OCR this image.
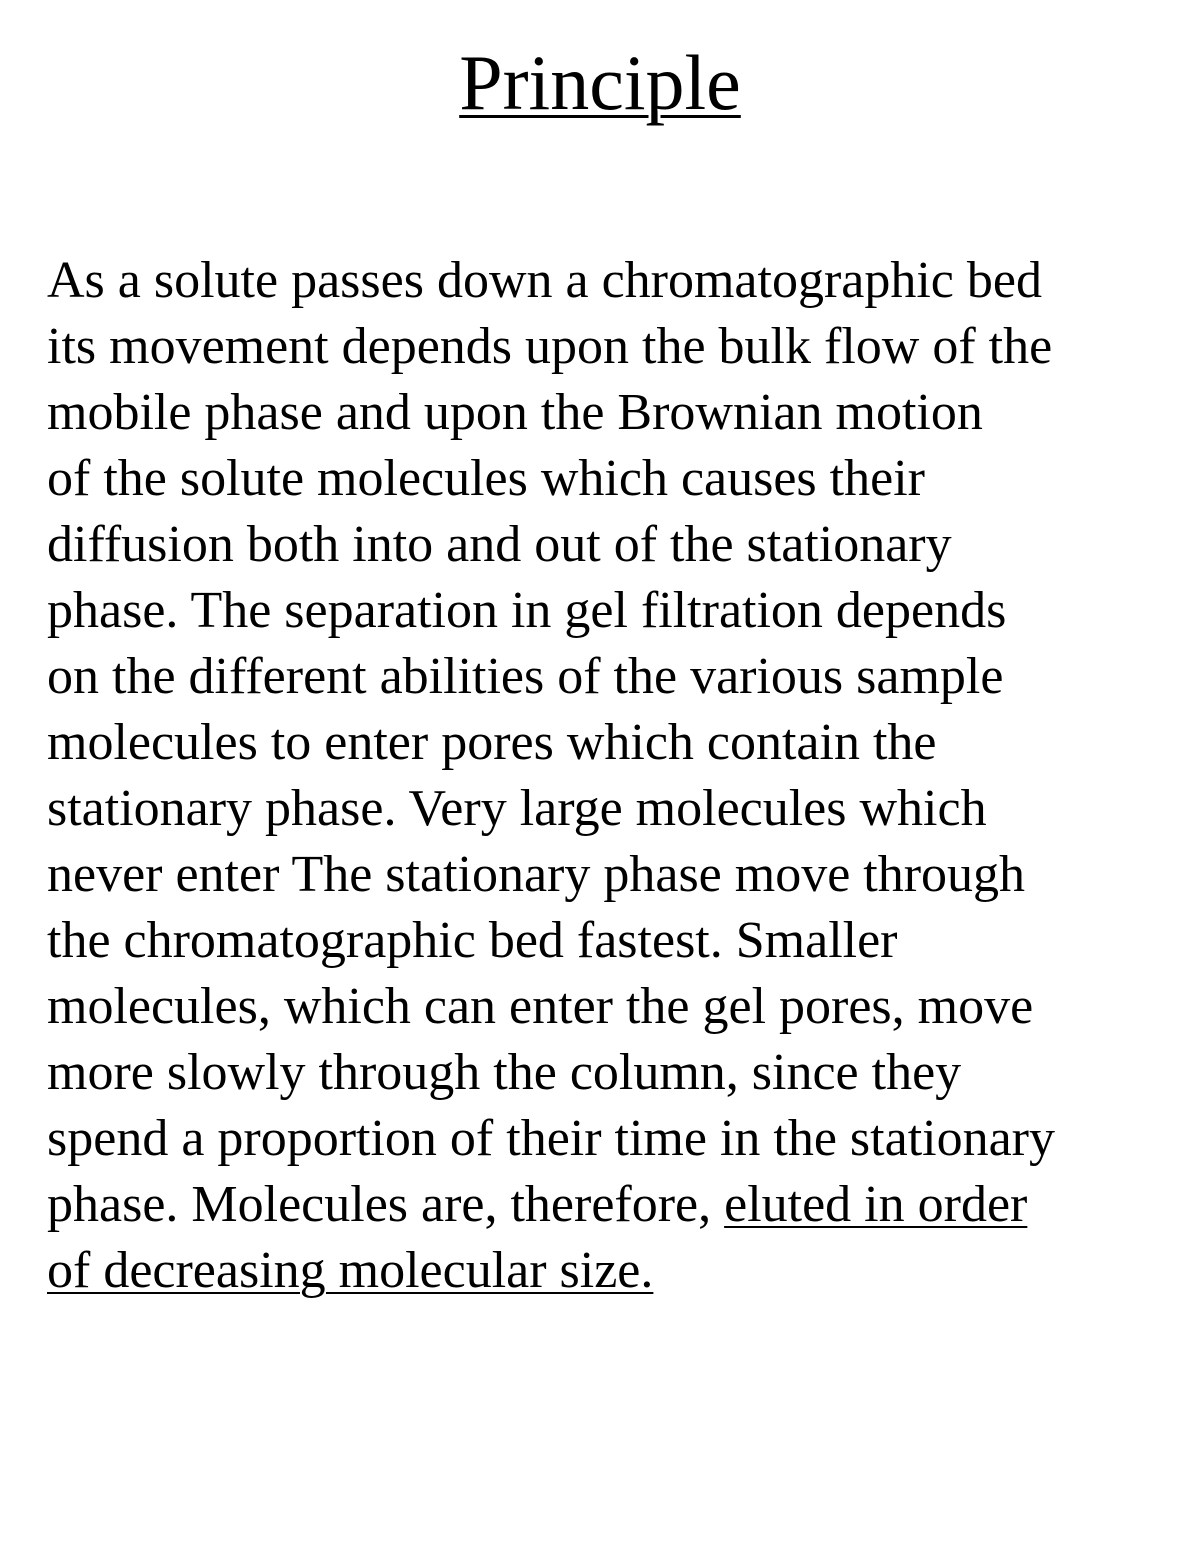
Principle

As a solute passes down a chromatographic bed
its movement depends upon the bulk flow of the
mobile phase and upon the Brownian motion
of the solute molecules which causes their
diffusion both into and out of the stationary
phase. The separation in gel filtration depends
on the different abilities of the various sample
molecules to enter pores which contain the
stationary phase. Very large molecules which
never enter The stationary phase move through
the chromatographic bed fastest. Smaller
molecules, which can enter the gel pores, move
more slowly through the column, since they
spend a proportion of their time in the stationary
phase. Molecules are, therefore, eluted in order
of decreasing molecular size.
